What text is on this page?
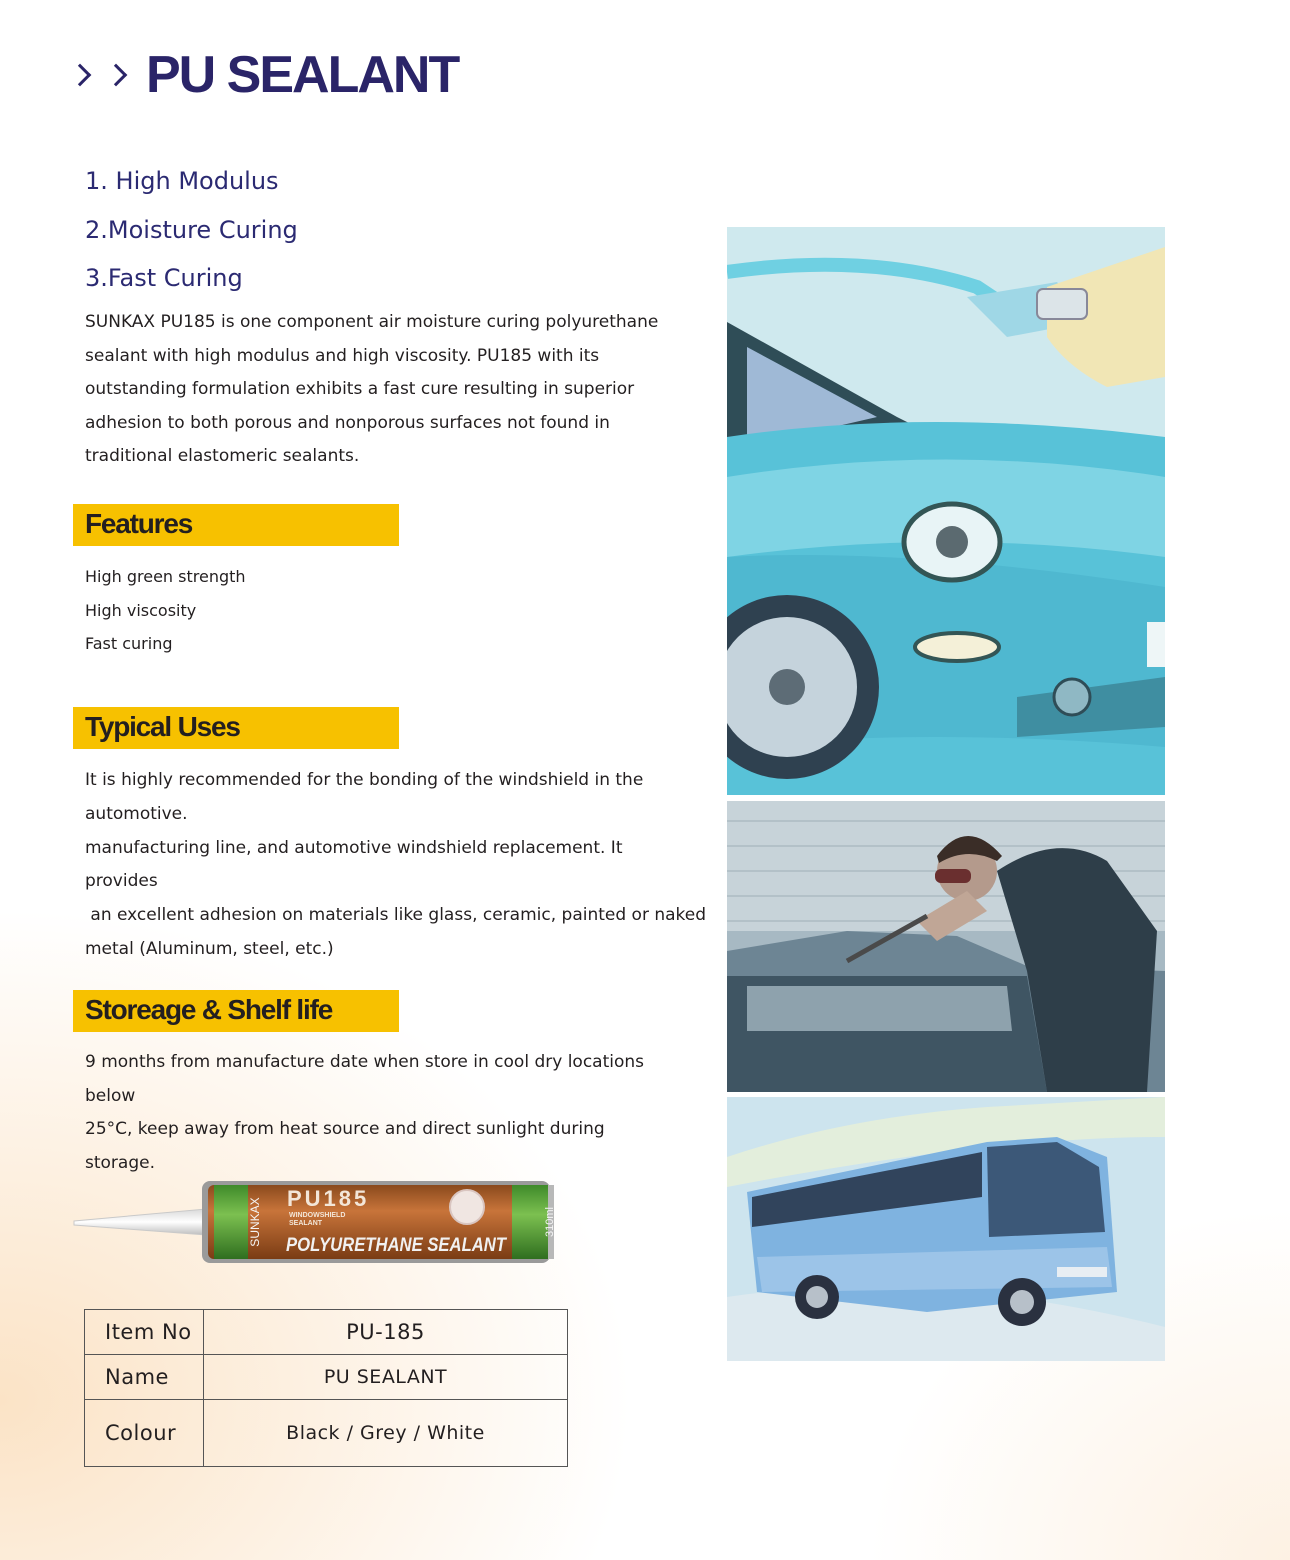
PU SEALANT
1. High Modulus
2.Moisture Curing
3.Fast Curing
SUNKAX PU185 is one component air moisture curing polyurethane
sealant with high modulus and high viscosity. PU185 with its
outstanding formulation exhibits a fast cure resulting in superior
adhesion to both porous and nonporous surfaces not found in
traditional elastomeric sealants.
Features
High green strength
High viscosity
Fast curing
Typical Uses
It is highly recommended for the bonding of the windshield in the
automotive.
manufacturing line, and automotive windshield replacement. It provides
an excellent adhesion on materials like glass, ceramic, painted or naked
metal (Aluminum, steel, etc.)
Storeage & Shelf life
9 months from manufacture date when store in cool dry locations below
25°C, keep away from heat source and direct sunlight during storage.
SUNKAX	310ml
PU185
WINDOWSHIELD
SEALANT
POLYURETHANE SEALANT
Item No	PU-185
Name	PU SEALANT
Colour	Black / Grey / White
